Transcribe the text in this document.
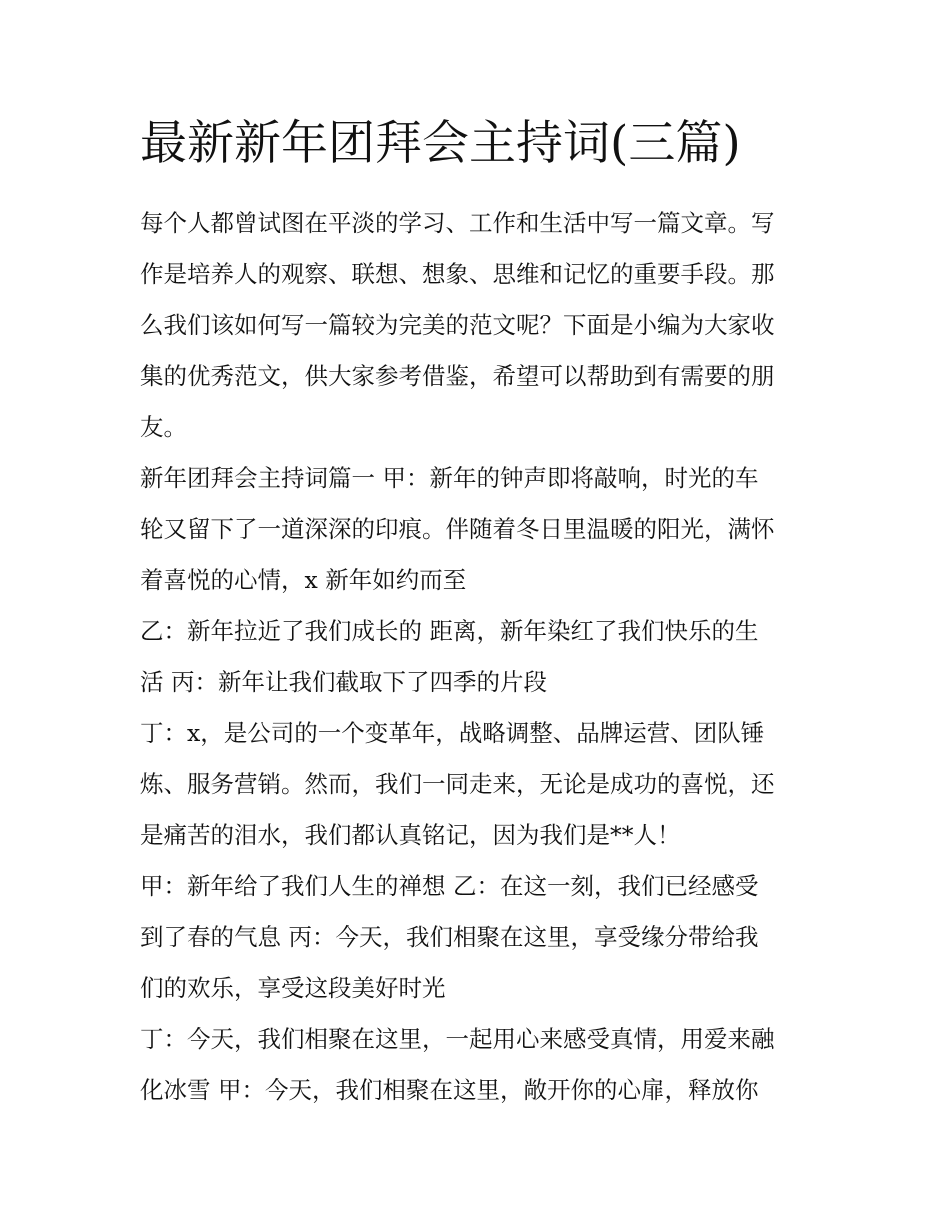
最新新年团拜会主持词(三篇)
每个人都曾试图在平淡的学习、工作和生活中写一篇文章。写
作是培养人的观察、联想、想象、思维和记忆的重要手段。那
么我们该如何写一篇较为完美的范文呢？下面是小编为大家收
集的优秀范文，供大家参考借鉴，希望可以帮助到有需要的朋
友。
新年团拜会主持词篇一 甲：新年的钟声即将敲响，时光的车
轮又留下了一道深深的印痕。伴随着冬日里温暖的阳光，满怀
着喜悦的心情，x 新年如约而至
乙：新年拉近了我们成长的 距离，新年染红了我们快乐的生
活 丙：新年让我们截取下了四季的片段
丁：x，是公司的一个变革年，战略调整、品牌运营、团队锤
炼、服务营销。然而，我们一同走来，无论是成功的喜悦，还
是痛苦的泪水，我们都认真铭记，因为我们是**人！
甲：新年给了我们人生的禅想 乙：在这一刻，我们已经感受
到了春的气息 丙：今天，我们相聚在这里，享受缘分带给我
们的欢乐，享受这段美好时光
丁：今天，我们相聚在这里，一起用心来感受真情，用爱来融
化冰雪 甲：今天，我们相聚在这里，敞开你的心扉，释放你
